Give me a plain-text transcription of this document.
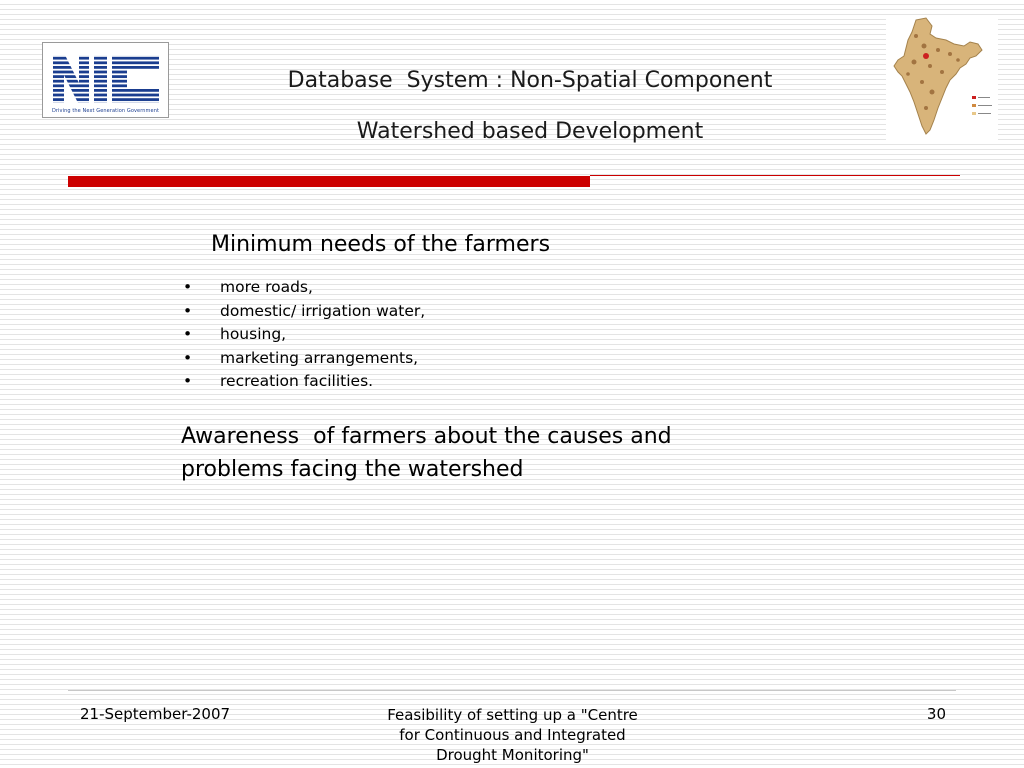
Driving the Next Generation Government
Database  System : Non-Spatial Component
Watershed based Development
Minimum needs of the farmers
• more roads,
• domestic/ irrigation water,
• housing,
• marketing arrangements,
• recreation facilities.
Awareness  of farmers about the causes and
problems facing the watershed
21-September-2007	Feasibility of setting up a "Centre
for Continuous and Integrated
Drought Monitoring"
30
